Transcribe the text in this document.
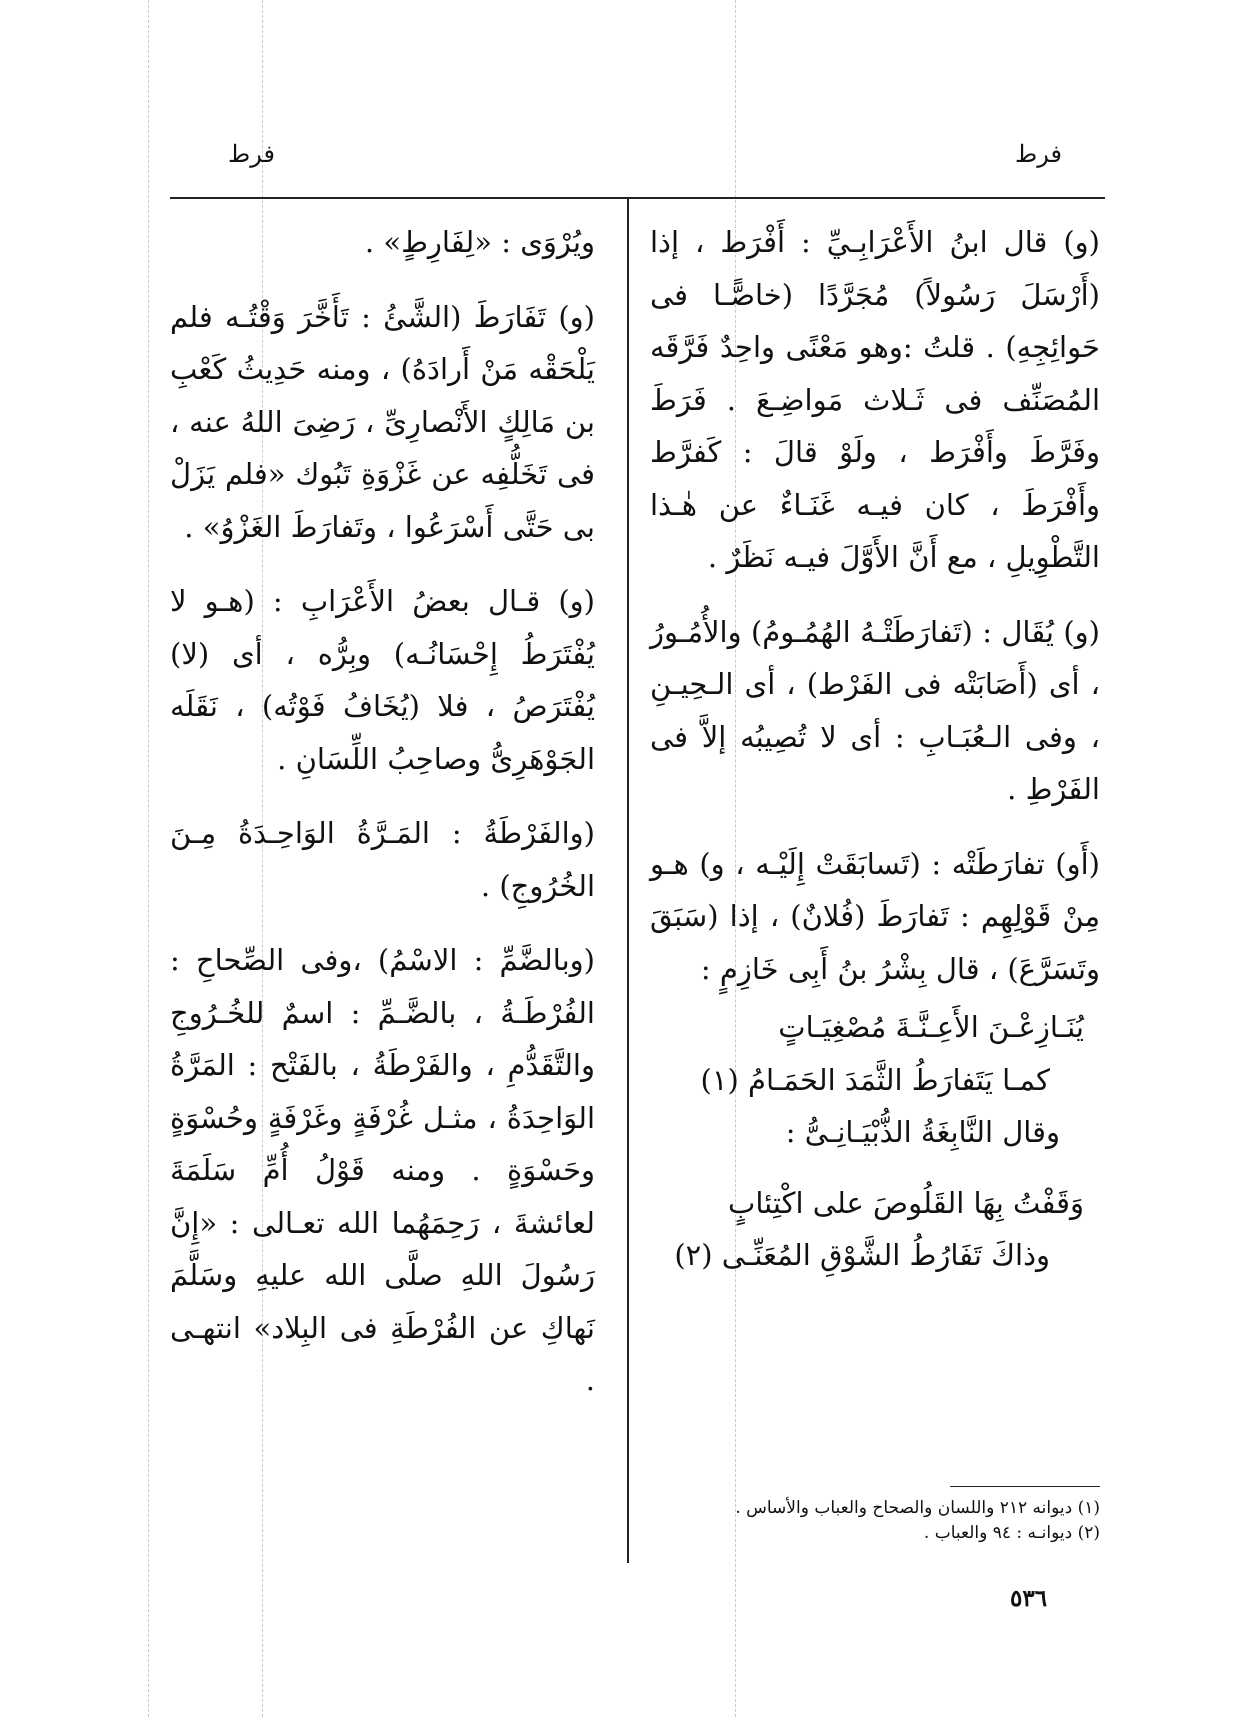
فرط
فرط

(و) قال ابنُ الأَعْرَابِـيِّ : أَفْرَط ، إذا (أَرْسَلَ رَسُولاً) مُجَرَّدًا (خاصًّـا فى حَوائِجِهِ) . قلتُ :وهو مَعْنًى واحِدٌ فَرَّقَه المُصَنِّف فى ثَـلاث مَواضِـعَ . فَرَطَ وفَرَّطَ وأَفْرَط ، ولَوْ قالَ : كَفرَّط وأَفْرَطَ ، كان فيـه غَنَـاءٌ عن هٰـذا التَّطْوِيلِ ، مع أَنَّ الأَوَّلَ فيـه نَظَرٌ .

(و) يُقَال : (تَفارَطَتْـهُ الهُمُـومُ) والأُمُـورُ ، أى (أَصَابَتْه فى الفَرْط) ، أى الـحِيـنِ ، وفى الـعُبَـابِ : أى لا تُصِيبُه إلاَّ فى الفَرْطِ .

(أَو) تفارَطَتْه : (تَسابَقَتْ إِلَيْـه ، و) هـو مِنْ قَوْلِهِم : تَفارَطَ (فُلانٌ) ، إذا (سَبَقَ وتَسَرَّعَ) ، قال بِشْرُ بنُ أَبِى خَازِمٍ :

يُنَـازِعْـنَ الأَعِـنَّـةَ مُصْغِيَـاتٍ

كمـا يَتَفارَطُ الثَّمَدَ الحَمَـامُ (١)

وقال النَّابِغَةُ الذُّبْيَـانِـىُّ :

وَقَفْتُ بِهَا القَلُوصَ على اكْتِئابٍ

وذاكَ تَفَارُطُ الشَّوْقِ المُعَنِّـى (٢)

ويُرْوَى : «لِفَارِطٍ» .

(و) تَفَارَطَ (الشَّئُ : تَأَخَّرَ وَقْتُـه فلم يَلْحَقْه مَنْ أَرادَهُ) ، ومنه حَدِيثُ كَعْبِ بن مَالِكٍ الأَنْصارِىِّ ، رَضِىَ اللهُ عنه ، فى تَخَلُّفِه عن غَزْوَةِ تَبُوك «فلم يَزَلْ بى حَتَّى أَسْرَعُوا ، وتَفارَطَ الغَزْوُ» .

(و) قـال بعضُ الأَعْرَابِ : (هـو لا يُفْتَرَطُ إِحْسَانُـه) وبِرُّه ، أى (لا) يُفْتَرَصُ ، فلا (يُخَافُ فَوْتُه) ، نَقَلَه الجَوْهَرِىُّ وصاحِبُ اللِّسَانِ .

(والفَرْطَةُ : المَـرَّةُ الوَاحِـدَةُ مِـنَ الخُرُوجِ) .

(وبالضَّمِّ : الاسْمُ) ،وفى الصِّحاحِ : الفُرْطَـةُ ، بالضَّـمِّ : اسمٌ للخُـرُوجِ والتَّقَدُّمِ ، والفَرْطَةُ ، بالفَتْح : المَرَّةُ الوَاحِدَةُ ، مثـل غُرْفَةٍ وغَرْفَةٍ وحُسْوَةٍ وحَسْوَةٍ . ومنه قَوْلُ أُمِّ سَلَمَةَ لعائشةَ ، رَحِمَهُما الله تعـالى : «إِنَّ رَسُولَ اللهِ صلَّى الله عليهِ وسَلَّمَ نَهاكِ عن الفُرْطَةِ فى البِلاد» انتهـى .

(١) ديوانه ٢١٢ واللسان والصحاح والعباب والأساس .

(٢) ديوانـه : ٩٤ والعباب .

٥٣٦
